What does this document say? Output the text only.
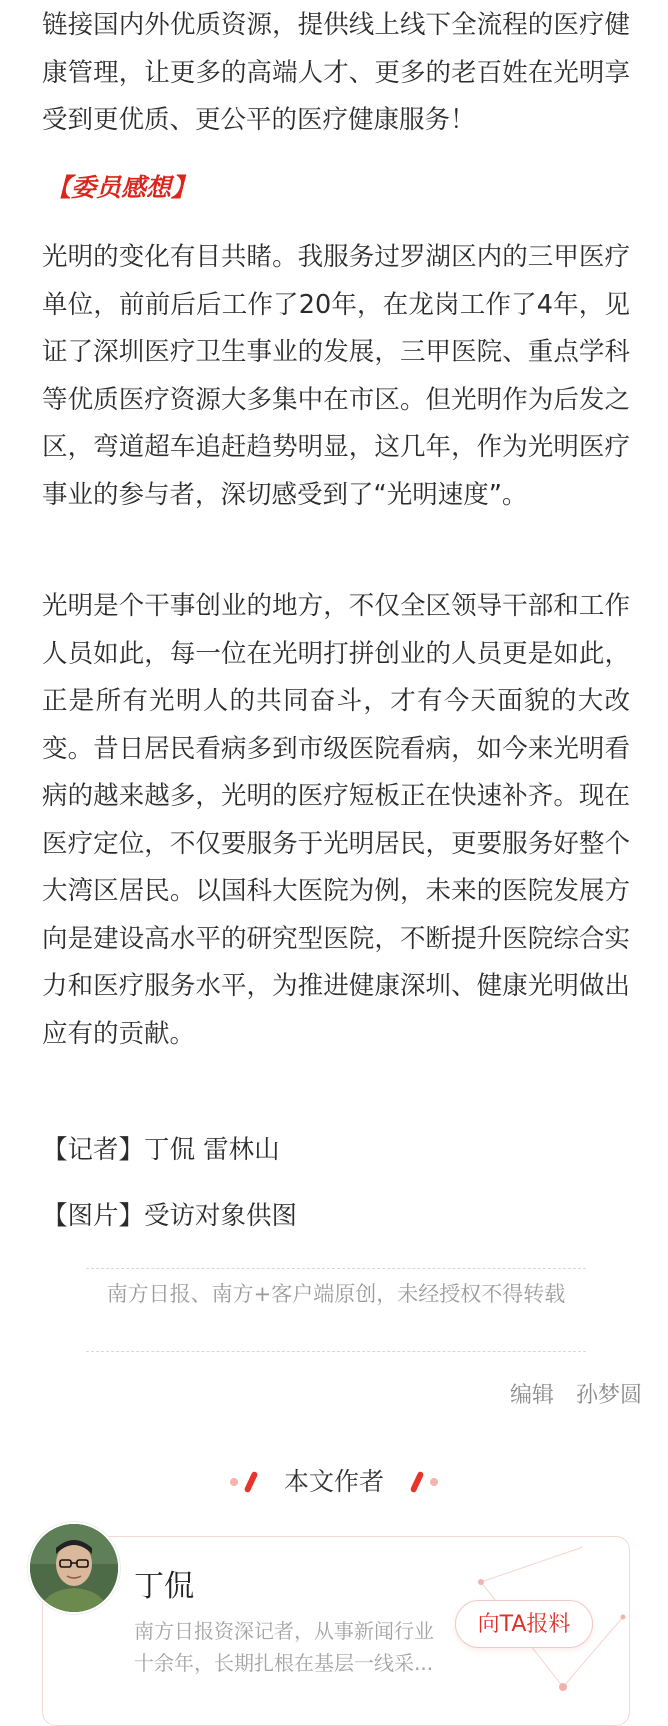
链接国内外优质资源，提供线上线下全流程的医疗健康管理，让更多的高端人才、更多的老百姓在光明享受到更优质、更公平的医疗健康服务！

【委员感想】

光明的变化有目共睹。我服务过罗湖区内的三甲医疗单位，前前后后工作了20年，在龙岗工作了4年，见证了深圳医疗卫生事业的发展，三甲医院、重点学科等优质医疗资源大多集中在市区。但光明作为后发之区，弯道超车追赶趋势明显，这几年，作为光明医疗事业的参与者，深切感受到了“光明速度”。

光明是个干事创业的地方，不仅全区领导干部和工作人员如此，每一位在光明打拼创业的人员更是如此，正是所有光明人的共同奋斗，才有今天面貌的大改变。昔日居民看病多到市级医院看病，如今来光明看病的越来越多，光明的医疗短板正在快速补齐。现在医疗定位，不仅要服务于光明居民，更要服务好整个大湾区居民。以国科大医院为例，未来的医院发展方向是建设高水平的研究型医院，不断提升医院综合实力和医疗服务水平，为推进健康深圳、健康光明做出应有的贡献。

【记者】丁侃 雷林山
【图片】受访对象供图
南方日报、南方+客户端原创，未经授权不得转载
编辑 孙梦圆
本文作者
丁侃
南方日报资深记者，从事新闻行业十余年，长期扎根在基层一线采...
向TA报料
